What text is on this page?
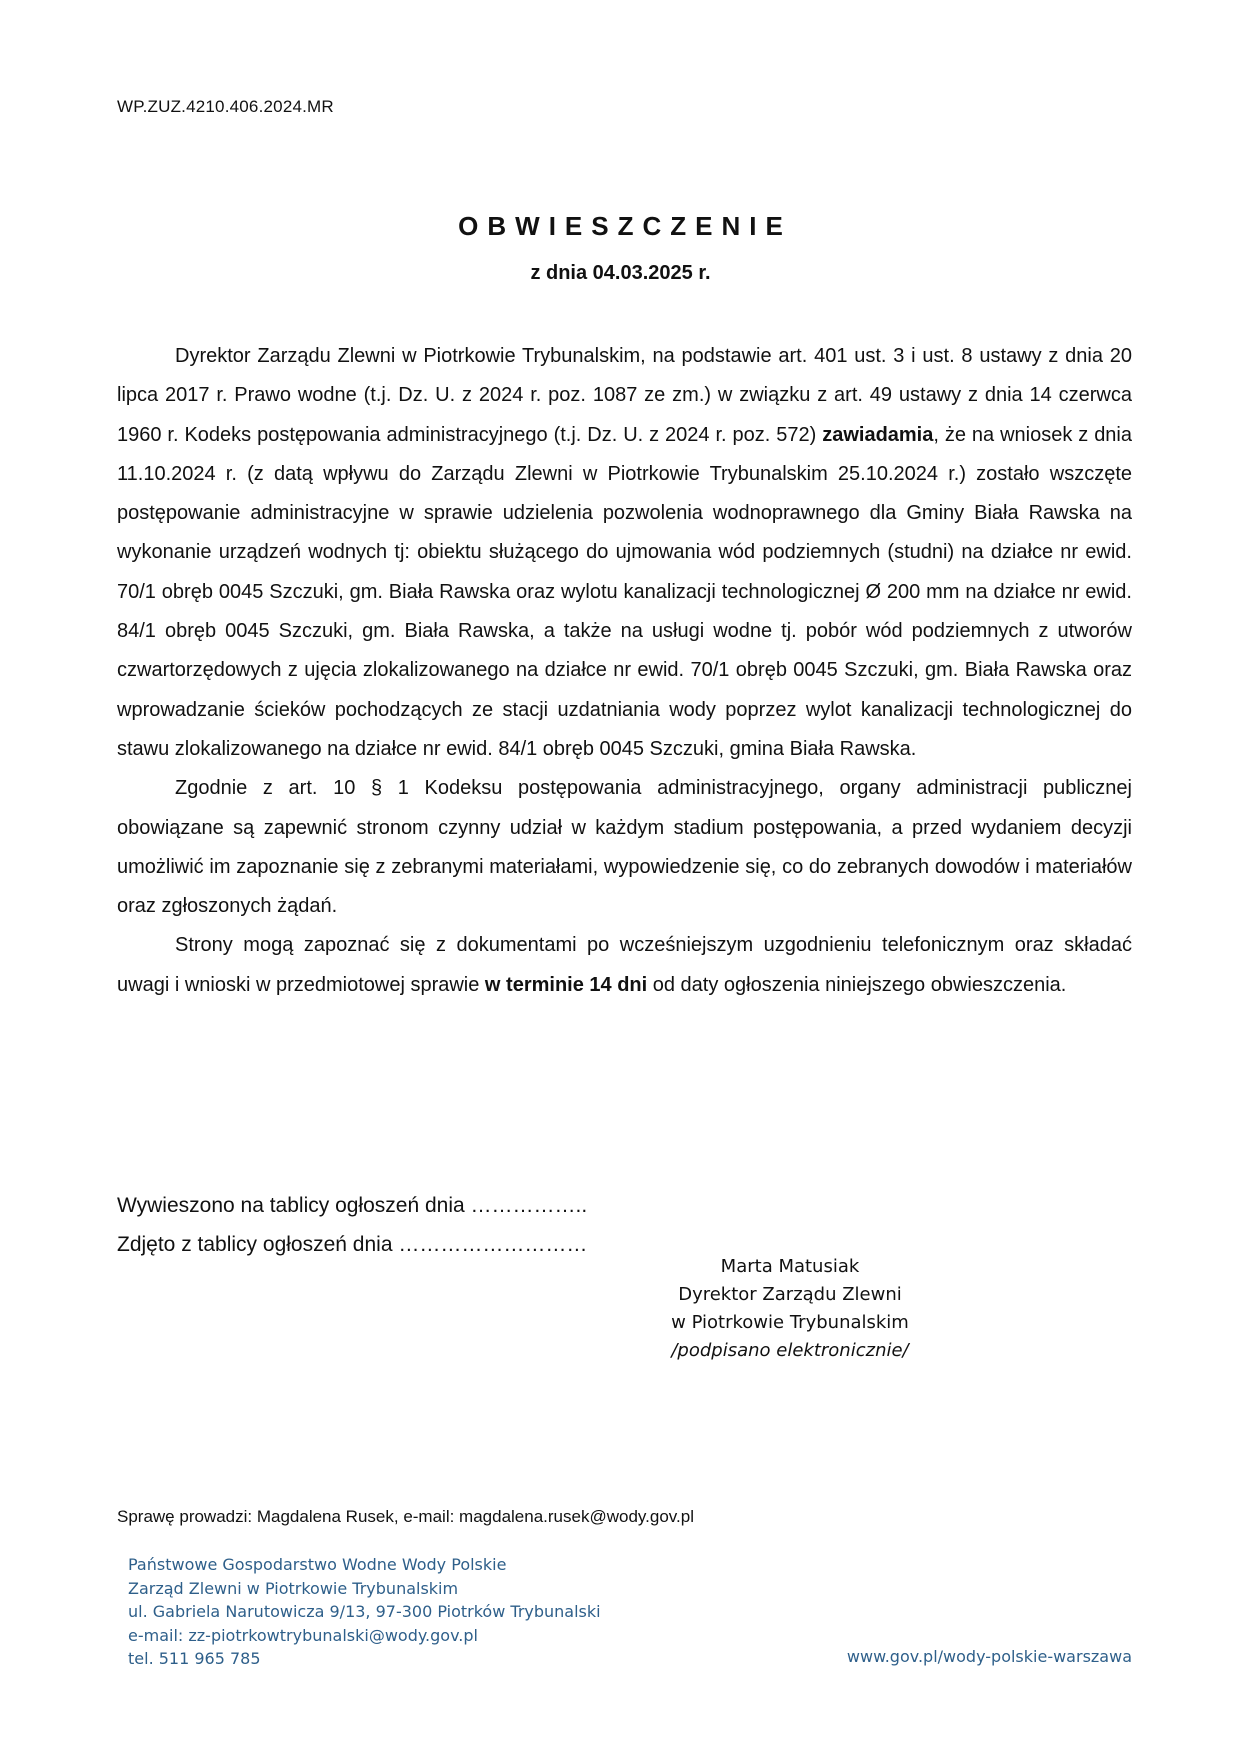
WP.ZUZ.4210.406.2024.MR
OBWIESZCZENIE
z dnia 04.03.2025 r.

Dyrektor Zarządu Zlewni w Piotrkowie Trybunalskim, na podstawie art. 401 ust. 3 i ust. 8 ustawy z dnia 20 lipca 2017 r. Prawo wodne (t.j. Dz. U. z 2024 r. poz. 1087 ze zm.) w związku z art. 49 ustawy z dnia 14 czerwca 1960 r. Kodeks postępowania administracyjnego (t.j. Dz. U. z 2024 r. poz. 572) zawiadamia, że na wniosek z dnia 11.10.2024 r. (z datą wpływu do Zarządu Zlewni w Piotrkowie Trybunalskim 25.10.2024 r.) zostało wszczęte postępowanie administracyjne w sprawie udzielenia pozwolenia wodnoprawnego dla Gminy Biała Rawska na wykonanie urządzeń wodnych tj: obiektu służącego do ujmowania wód podziemnych (studni) na działce nr ewid. 70/1 obręb 0045 Szczuki, gm. Biała Rawska oraz wylotu kanalizacji technologicznej Ø 200 mm na działce nr ewid. 84/1 obręb 0045 Szczuki, gm. Biała Rawska, a także na usługi wodne tj. pobór wód podziemnych z utworów czwartorzędowych z ujęcia zlokalizowanego na działce nr ewid. 70/1 obręb 0045 Szczuki, gm. Biała Rawska oraz wprowadzanie ścieków pochodzących ze stacji uzdatniania wody poprzez wylot kanalizacji technologicznej do stawu zlokalizowanego na działce nr ewid. 84/1 obręb 0045 Szczuki, gmina Biała Rawska.

Zgodnie z art. 10 § 1 Kodeksu postępowania administracyjnego, organy administracji publicznej obowiązane są zapewnić stronom czynny udział w każdym stadium postępowania, a przed wydaniem decyzji umożliwić im zapoznanie się z zebranymi materiałami, wypowiedzenie się, co do zebranych dowodów i materiałów oraz zgłoszonych żądań.

Strony mogą zapoznać się z dokumentami po wcześniejszym uzgodnieniu telefonicznym oraz składać uwagi i wnioski w przedmiotowej sprawie w terminie 14 dni od daty ogłoszenia niniejszego obwieszczenia.

Wywieszono na tablicy ogłoszeń dnia ……………..
Zdjęto z tablicy ogłoszeń dnia ………………………
Marta Matusiak
Dyrektor Zarządu Zlewni
w Piotrkowie Trybunalskim
/podpisano elektronicznie/
Sprawę prowadzi: Magdalena Rusek, e-mail: magdalena.rusek@wody.gov.pl
Państwowe Gospodarstwo Wodne Wody Polskie
Zarząd Zlewni w Piotrkowie Trybunalskim
ul. Gabriela Narutowicza 9/13, 97-300 Piotrków Trybunalski
e-mail: zz-piotrkowtrybunalski@wody.gov.pl
tel. 511 965 785	www.gov.pl/wody-polskie-warszawa
